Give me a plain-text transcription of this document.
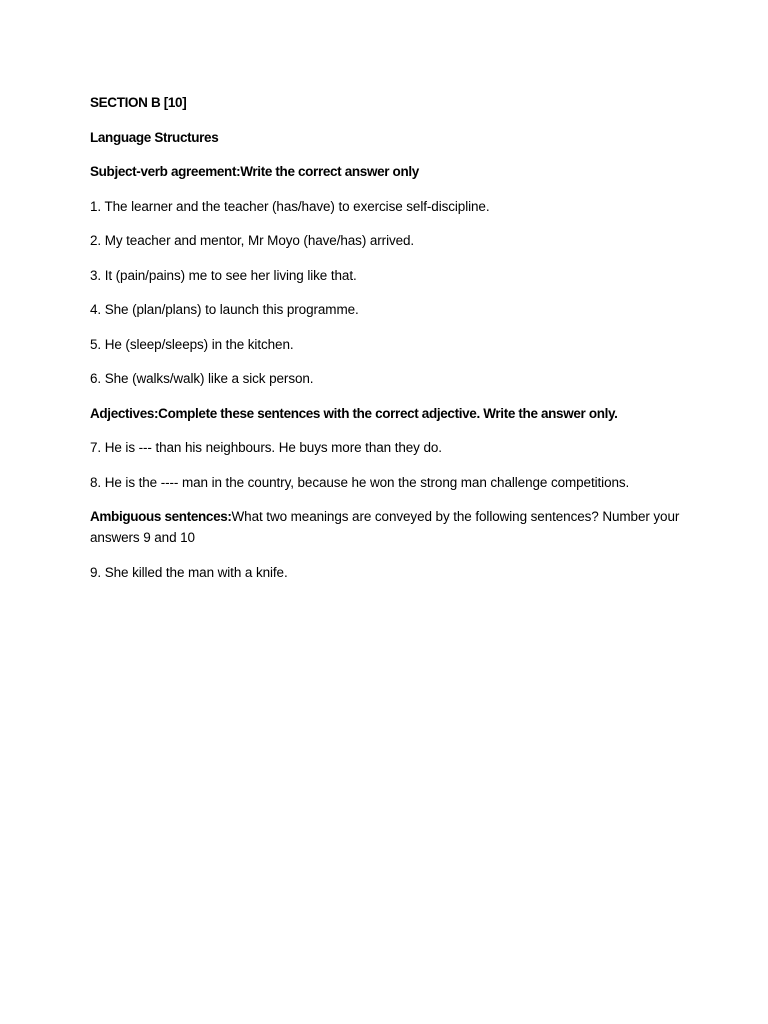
SECTION B [10]

Language Structures

Subject-verb agreement:Write the correct answer only

1. The learner and the teacher (has/have) to exercise self-discipline.

2. My teacher and mentor, Mr Moyo (have/has) arrived.

3. It (pain/pains) me to see her living like that.

4. She (plan/plans) to launch this programme.

5. He (sleep/sleeps) in the kitchen.

6. She (walks/walk) like a sick person.

Adjectives:Complete these sentences with the correct adjective. Write the answer only.

7. He is --- than his neighbours. He buys more than they do.

8. He is the ---- man in the country, because he won the strong man challenge competitions.

Ambiguous sentences:What two meanings are conveyed by the following sentences? Number your answers 9 and 10

9. She killed the man with a knife.
